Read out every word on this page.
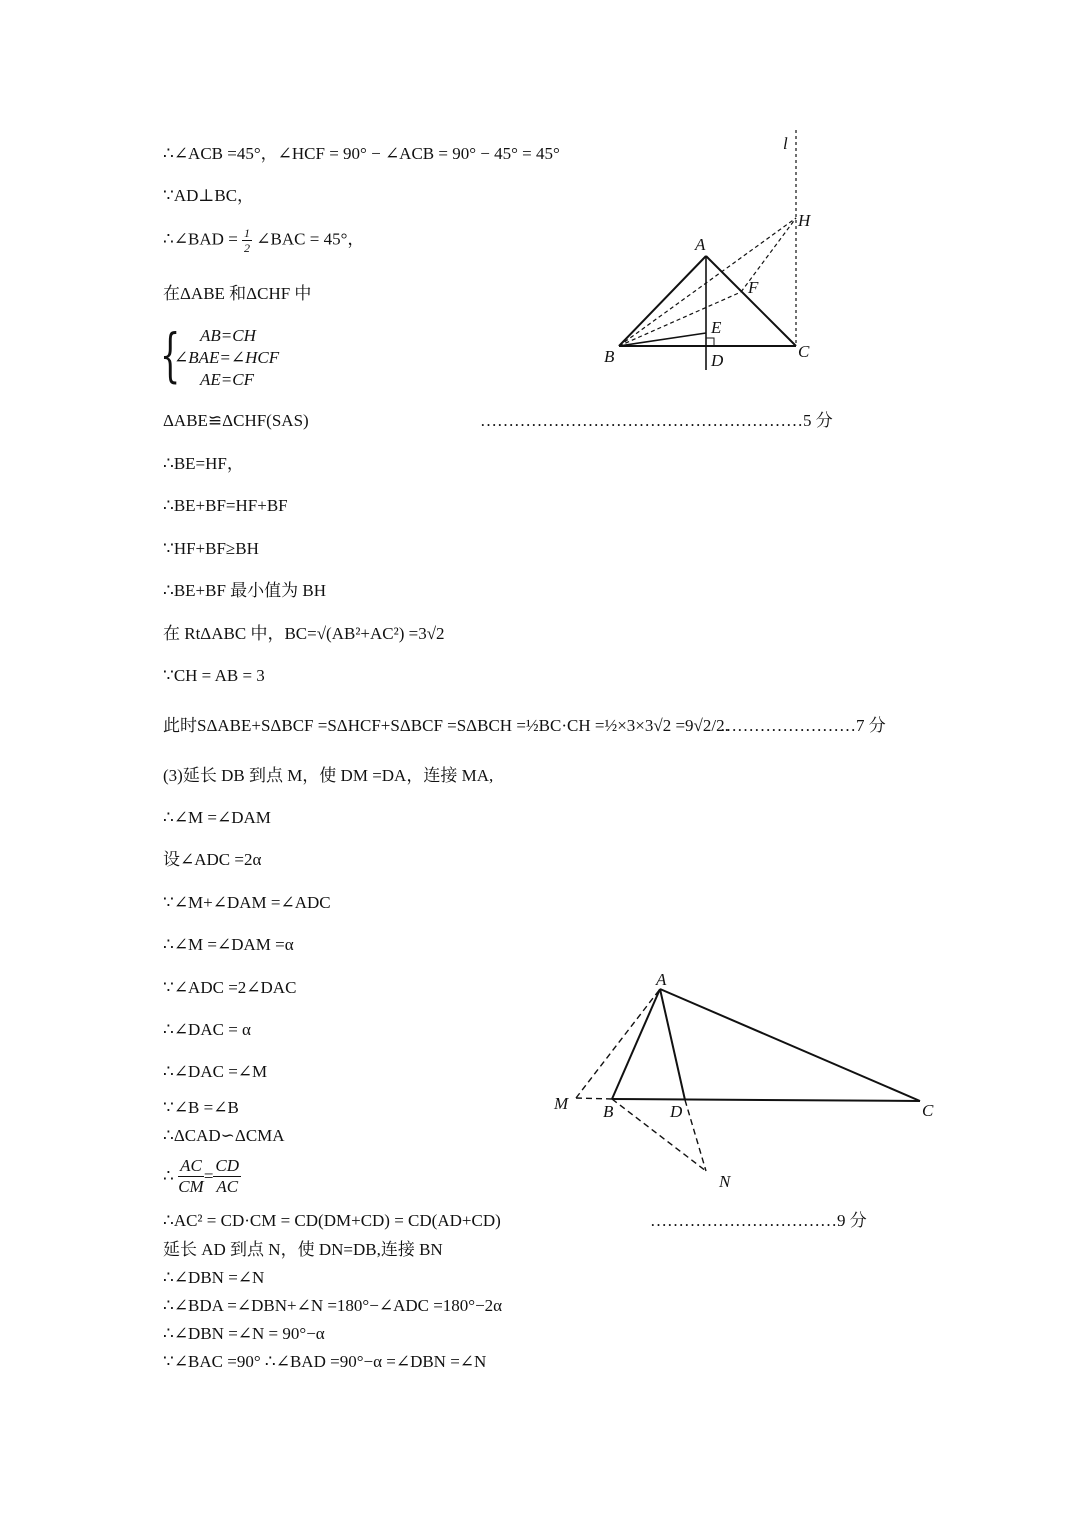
∴∠ACB =45°，∠HCF = 90° − ∠ACB = 90° − 45° = 45°
∵AD⊥BC，
∴∠BAD = $\frac{1}{2}$ ∠BAC = 45°，
在ΔABE 和ΔCHF 中
{ AB=CH
∠BAE=∠HCF
AE=CF
ΔABE≌ΔCHF(SAS)	…………………………………………………5 分
∴BE=HF，
∴BE+BF=HF+BF
∵HF+BF≥BH
∴BE+BF 最小值为 BH
在 RtΔABC 中，BC=√(AB²+AC²) =3√2
∵CH = AB = 3
此时SΔABE+SΔBCF =SΔHCF+SΔBCF =SΔBCH =½BC·CH =½×3×3√2 =9√2/2.
……………………7 分
(3)延长 DB 到点 M，使 DM =DA，连接 MA,
∴∠M =∠DAM
设∠ADC =2α
∵∠M+∠DAM =∠ADC
∴∠M =∠DAM =α
∵∠ADC =2∠DAC
∴∠DAC = α
∴∠DAC =∠M
∵∠B =∠B
∴ΔCAD∽ΔCMA
∴ $\frac{AC}{CM} = \frac{CD}{AC}$
∴AC² = CD·CM = CD(DM+CD) = CD(AD+CD)	……………………………9 分
延长 AD 到点 N，使 DN=DB,连接 BN
∴∠DBN =∠N
∴∠BDA =∠DBN+∠N =180°−∠ADC =180°−2α
∴∠DBN =∠N = 90°−α
∵∠BAC =90° ∴∠BAD =90°−α =∠DBN =∠N
l
H
A
F
E
B	D	C
A
M B	D	C
N
